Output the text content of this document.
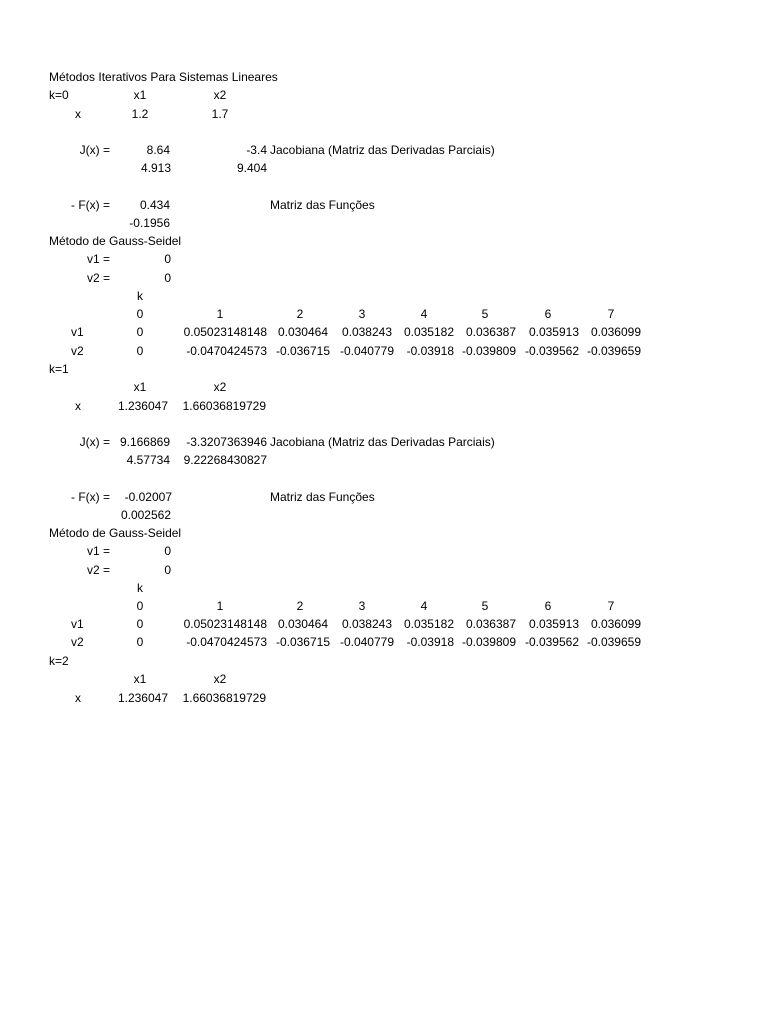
Métodos Iterativos Para Sistemas Lineares
k=0	x1	x2
x	1.2	1.7
J(x) =	8.64	-3.4 Jacobiana (Matriz das Derivadas Parciais)
4.913	9.404
- F(x) =	0.434	Matriz das Funções
-0.1956
Método de Gauss-Seidel
v1 =	0
v2 =	0
k
0	1	2	3	4	5	6	7
v1	0	0.05023148148 0.030464	0.038243 0.035182 0.036387	0.035913 0.036099
v2	0	-0.0470424573 -0.036715 -0.040779	-0.03918 -0.039809 -0.039562 -0.039659
k=1
x1	x2
x	1.236047	1.66036819729
J(x) = 9.166869	-3.3207363946 Jacobiana (Matriz das Derivadas Parciais)
4.57734	9.22268430827
- F(x) =	-0.02007	Matriz das Funções
0.002562
Método de Gauss-Seidel
v1 =	0
v2 =	0
k
0	1	2	3	4	5	6	7
v1	0	0.05023148148 0.030464	0.038243 0.035182 0.036387	0.035913 0.036099
v2	0	-0.0470424573 -0.036715 -0.040779	-0.03918 -0.039809 -0.039562 -0.039659
k=2
x1	x2
x	1.236047	1.66036819729
